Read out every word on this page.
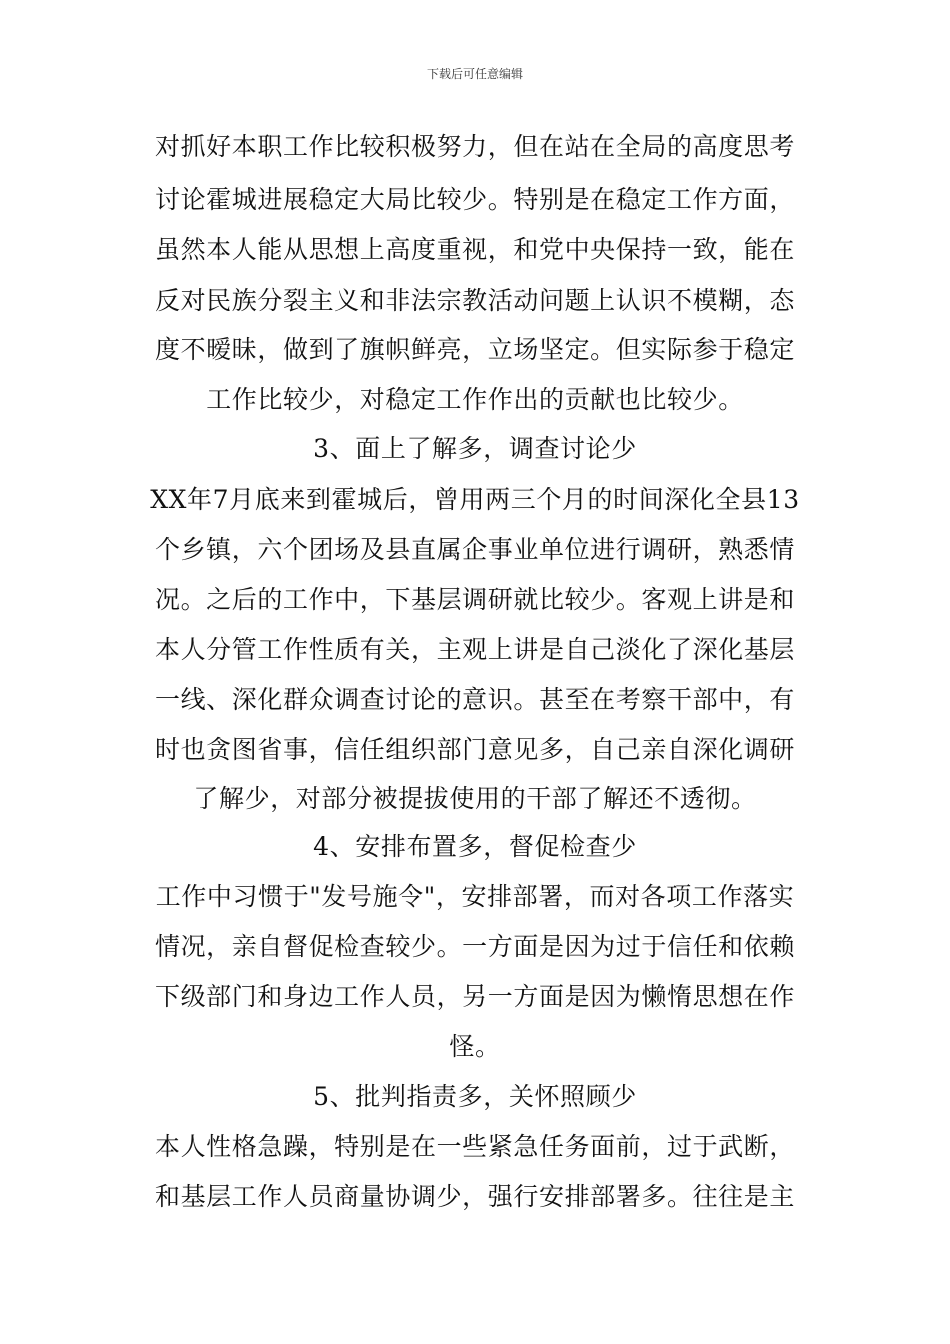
下载后可任意编辑
对抓好本职工作比较积极努力，但在站在全局的高度思考
讨论霍城进展稳定大局比较少。特别是在稳定工作方面，
虽然本人能从思想上高度重视，和党中央保持一致，能在
反对民族分裂主义和非法宗教活动问题上认识不模糊，态
度不暧昧，做到了旗帜鲜亮，立场坚定。但实际参于稳定
工作比较少，对稳定工作作出的贡献也比较少。
3、面上了解多，调查讨论少
XX年7月底来到霍城后，曾用两三个月的时间深化全县13
个乡镇，六个团场及县直属企事业单位进行调研，熟悉情
况。之后的工作中，下基层调研就比较少。客观上讲是和
本人分管工作性质有关，主观上讲是自己淡化了深化基层
一线、深化群众调查讨论的意识。甚至在考察干部中，有
时也贪图省事，信任组织部门意见多，自己亲自深化调研
了解少，对部分被提拔使用的干部了解还不透彻。
4、安排布置多，督促检查少
工作中习惯于"发号施令"，安排部署，而对各项工作落实
情况，亲自督促检查较少。一方面是因为过于信任和依赖
下级部门和身边工作人员，另一方面是因为懒惰思想在作
怪。
5、批判指责多，关怀照顾少
本人性格急躁，特别是在一些紧急任务面前，过于武断，
和基层工作人员商量协调少，强行安排部署多。往往是主
